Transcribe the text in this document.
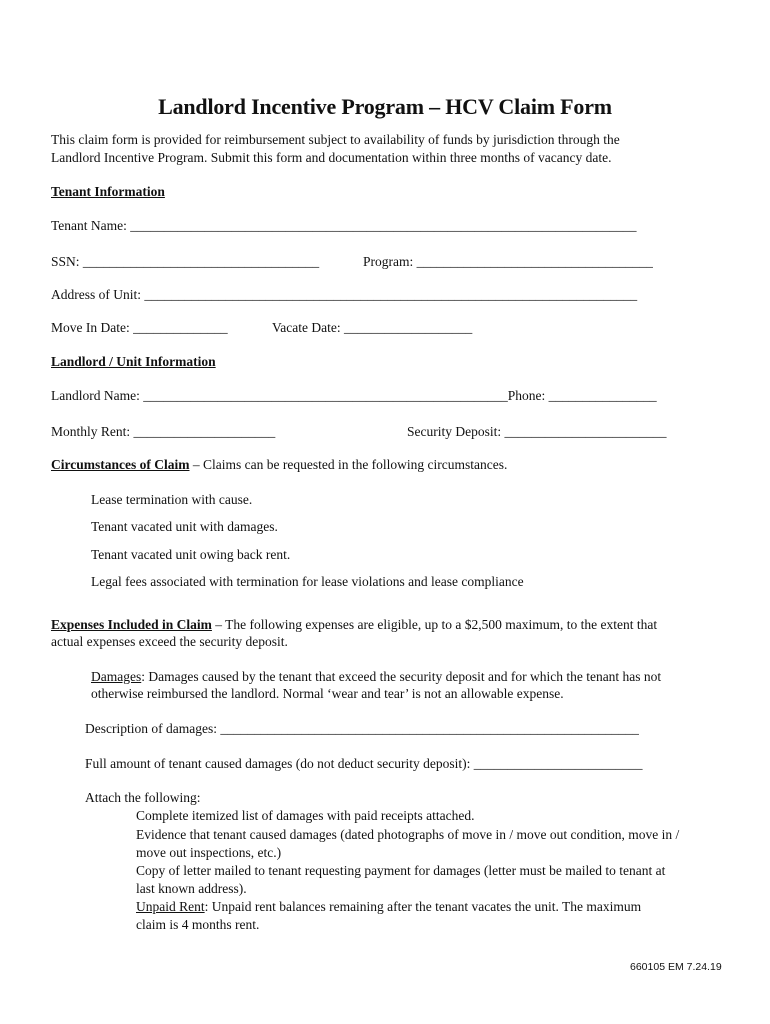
Landlord Incentive Program – HCV Claim Form
This claim form is provided for reimbursement subject to availability of funds by jurisdiction through the
Landlord Incentive Program. Submit this form and documentation within three months of vacancy date.
Tenant Information
Tenant Name: ___________________________________________________________________________
SSN: ___________________________________	Program: ___________________________________
Address of Unit: _________________________________________________________________________
Move In Date: ______________	Vacate Date: ___________________
Landlord / Unit Information
Landlord Name: ______________________________________________________Phone: ________________
Monthly Rent: _____________________	Security Deposit: ________________________
Circumstances of Claim – Claims can be requested in the following circumstances.
Lease termination with cause.
Tenant vacated unit with damages.
Tenant vacated unit owing back rent.
Legal fees associated with termination for lease violations and lease compliance
Expenses Included in Claim – The following expenses are eligible, up to a $2,500 maximum, to the extent that
actual expenses exceed the security deposit.
Damages: Damages caused by the tenant that exceed the security deposit and for which the tenant has not
otherwise reimbursed the landlord. Normal ‘wear and tear’ is not an allowable expense.
Description of damages: ______________________________________________________________
Full amount of tenant caused damages (do not deduct security deposit): _________________________
Attach the following:
Complete itemized list of damages with paid receipts attached.
Evidence that tenant caused damages (dated photographs of move in / move out condition, move in /
move out inspections, etc.)
Copy of letter mailed to tenant requesting payment for damages (letter must be mailed to tenant at
last known address).
Unpaid Rent: Unpaid rent balances remaining after the tenant vacates the unit. The maximum
claim is 4 months rent.
660105 EM 7.24.19
